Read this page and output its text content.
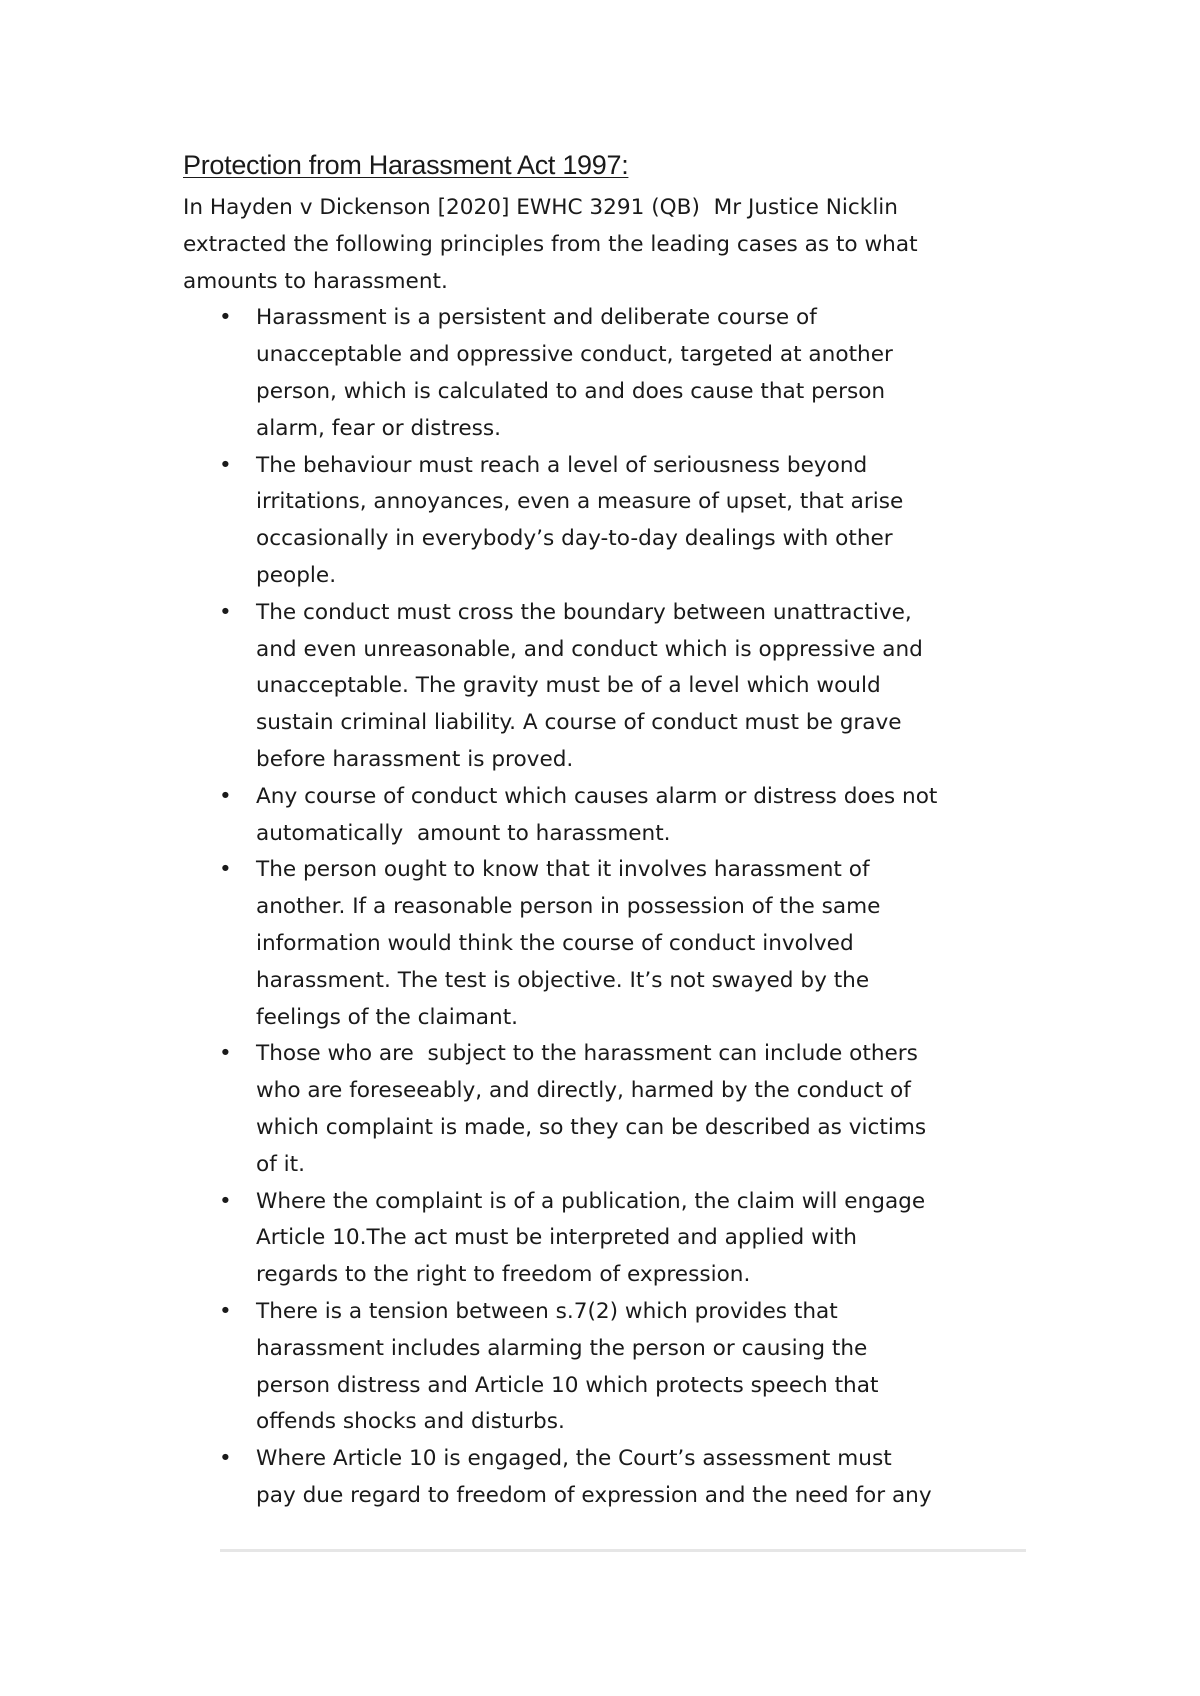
Protection from Harassment Act 1997:
In Hayden v Dickenson [2020] EWHC 3291 (QB)  Mr Justice Nicklin
extracted the following principles from the leading cases as to what
amounts to harassment.
• Harassment is a persistent and deliberate course of
unacceptable and oppressive conduct, targeted at another
person, which is calculated to and does cause that person
alarm, fear or distress.
• The behaviour must reach a level of seriousness beyond
irritations, annoyances, even a measure of upset, that arise
occasionally in everybody’s day-to-day dealings with other
people.
• The conduct must cross the boundary between unattractive,
and even unreasonable, and conduct which is oppressive and
unacceptable. The gravity must be of a level which would
sustain criminal liability. A course of conduct must be grave
before harassment is proved.
• Any course of conduct which causes alarm or distress does not
automatically  amount to harassment.
• The person ought to know that it involves harassment of
another. If a reasonable person in possession of the same
information would think the course of conduct involved
harassment. The test is objective. It’s not swayed by the
feelings of the claimant.
• Those who are  subject to the harassment can include others
who are foreseeably, and directly, harmed by the conduct of
which complaint is made, so they can be described as victims
of it.
• Where the complaint is of a publication, the claim will engage
Article 10.The act must be interpreted and applied with
regards to the right to freedom of expression.
• There is a tension between s.7(2) which provides that
harassment includes alarming the person or causing the
person distress and Article 10 which protects speech that
offends shocks and disturbs.
• Where Article 10 is engaged, the Court’s assessment must
pay due regard to freedom of expression and the need for any
